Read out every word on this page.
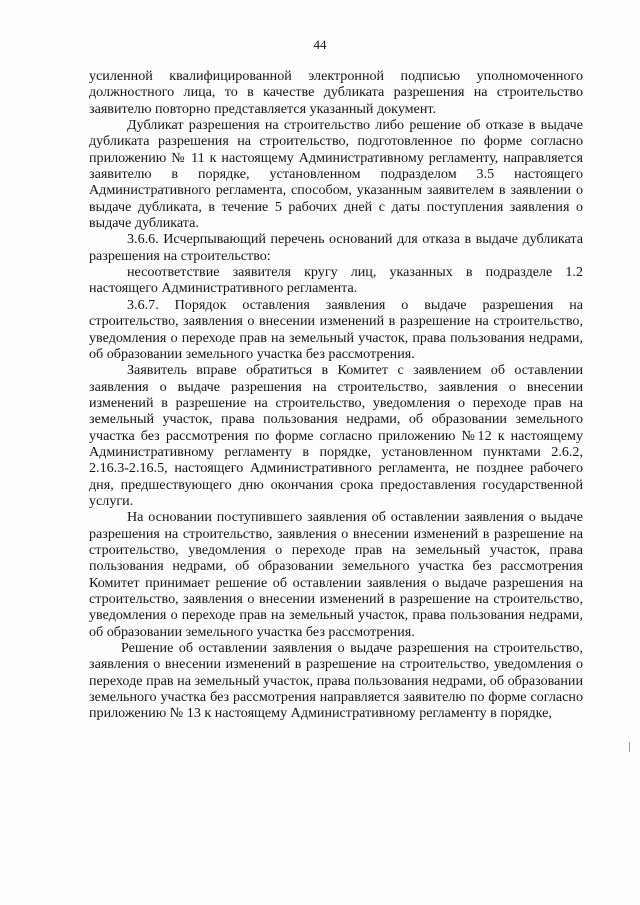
44

усиленной квалифицированной электронной подписью уполномоченного должностного лица, то в качестве дубликата разрешения на строительство заявителю повторно представляется указанный документ.

Дубликат разрешения на строительство либо решение об отказе в выдаче дубликата разрешения на строительство, подготовленное по форме согласно приложению № 11 к настоящему Административному регламенту, направляется заявителю в порядке, установленном подразделом 3.5 настоящего Административного регламента, способом, указанным заявителем в заявлении о выдаче дубликата, в течение 5 рабочих дней с даты поступления заявления о выдаче дубликата.

3.6.6. Исчерпывающий перечень оснований для отказа в выдаче дубликата разрешения на строительство:

несоответствие заявителя кругу лиц, указанных в подразделе 1.2 настоящего Административного регламента.

3.6.7. Порядок оставления заявления о выдаче разрешения на строительство, заявления о внесении изменений в разрешение на строительство, уведомления о переходе прав на земельный участок, права пользования недрами, об образовании земельного участка без рассмотрения.

Заявитель вправе обратиться в Комитет с заявлением об оставлении заявления о выдаче разрешения на строительство, заявления о внесении изменений в разрешение на строительство, уведомления о переходе прав на земельный участок, права пользования недрами, об образовании земельного участка без рассмотрения по форме согласно приложению №12 к настоящему Административному регламенту в порядке, установленном пунктами 2.6.2, 2.16.3-2.16.5, настоящего Административного регламента, не позднее рабочего дня, предшествующего дню окончания срока предоставления государственной услуги.

На основании поступившего заявления об оставлении заявления о выдаче разрешения на строительство, заявления о внесении изменений в разрешение на строительство, уведомления о переходе прав на земельный участок, права пользования недрами, об образовании земельного участка без рассмотрения Комитет принимает решение об оставлении заявления о выдаче разрешения на строительство, заявления о внесении изменений в разрешение на строительство, уведомления о переходе прав на земельный участок, права пользования недрами, об образовании земельного участка без рассмотрения.

Решение об оставлении заявления о выдаче разрешения на строительство, заявления о внесении изменений в разрешение на строительство, уведомления о переходе прав на земельный участок, права пользования недрами, об образовании земельного участка без рассмотрения направляется заявителю по форме согласно приложению № 13 к настоящему Административному регламенту в порядке,
